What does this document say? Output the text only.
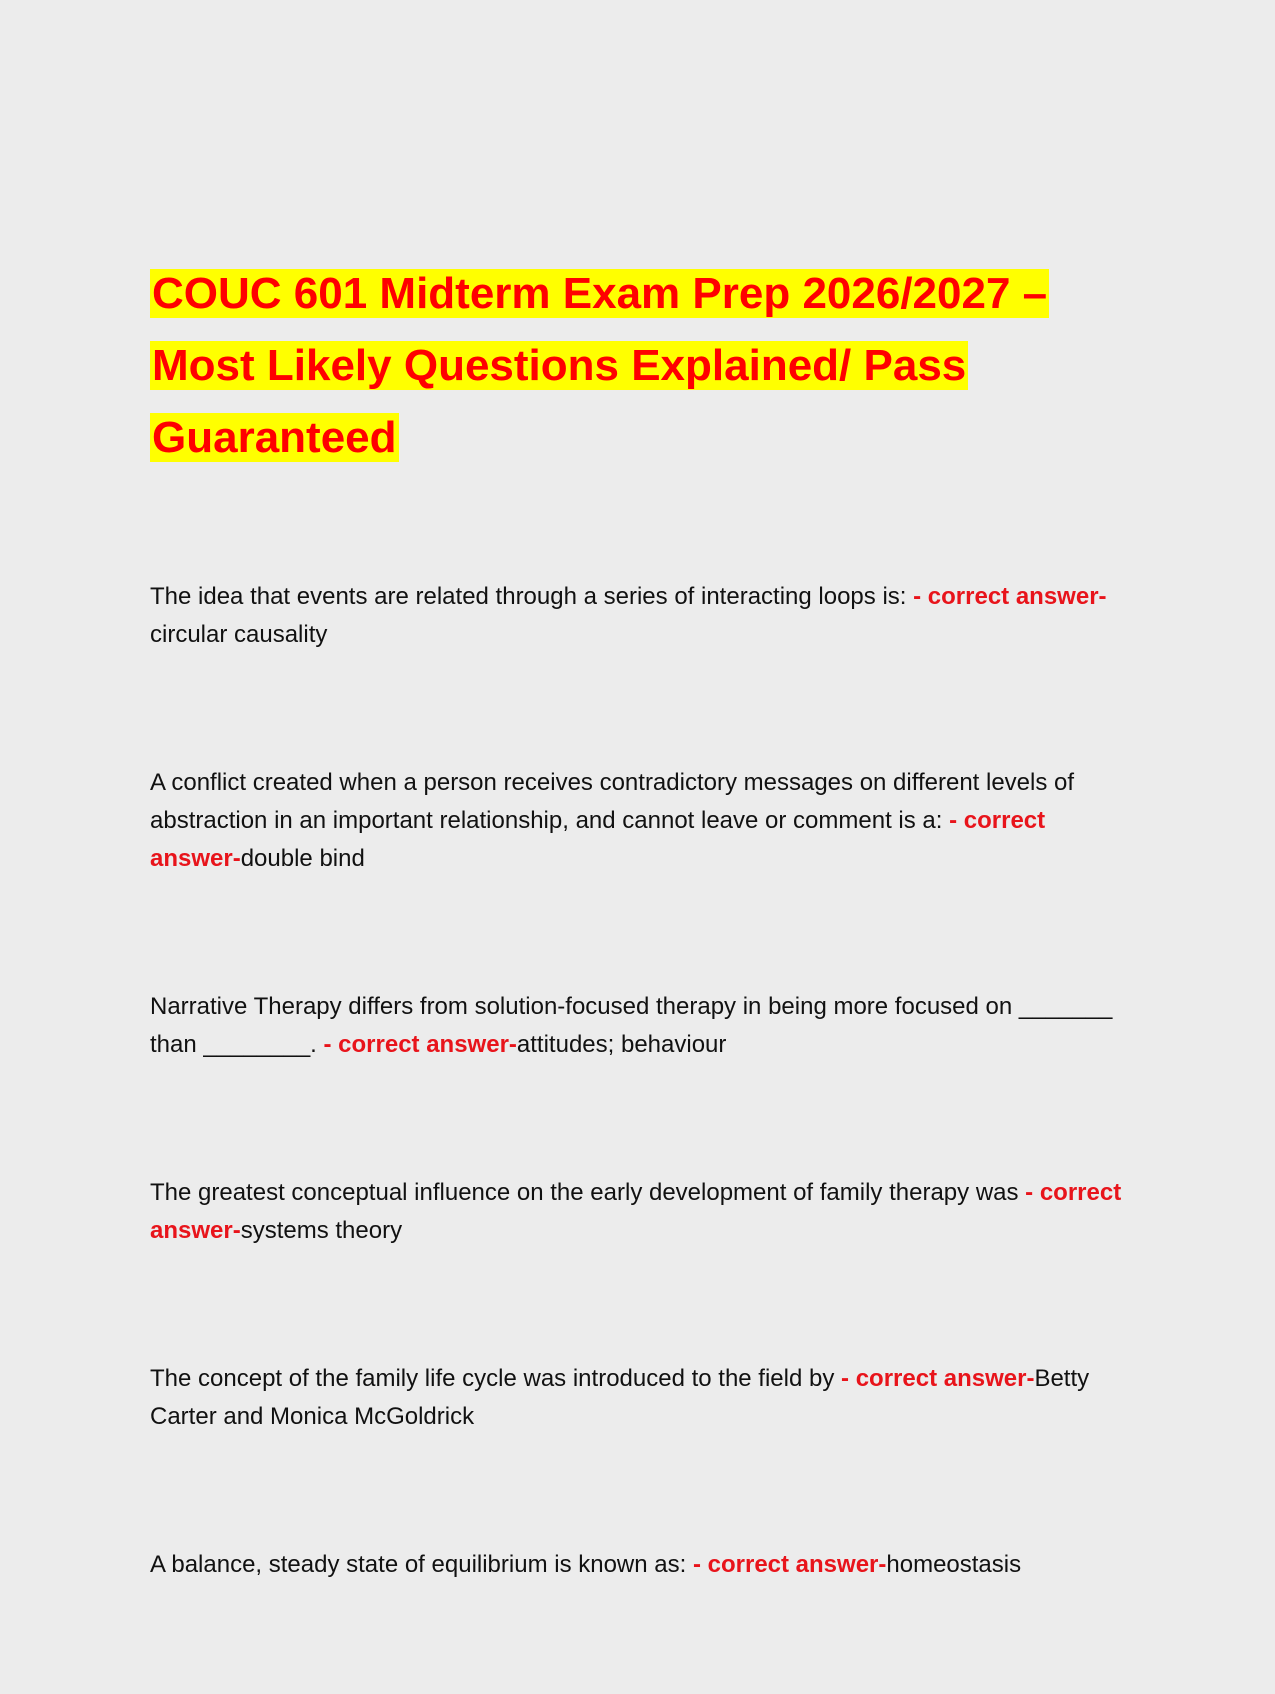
COUC 601 Midterm Exam Prep 2026/2027 – Most Likely Questions Explained/ Pass Guaranteed

The idea that events are related through a series of interacting loops is: - correct answer-circular causality

A conflict created when a person receives contradictory messages on different levels of abstraction in an important relationship, and cannot leave or comment is a: - correct answer-double bind

Narrative Therapy differs from solution-focused therapy in being more focused on _______ than ________. - correct answer-attitudes; behaviour

The greatest conceptual influence on the early development of family therapy was - correct answer-systems theory

The concept of the family life cycle was introduced to the field by - correct answer-Betty Carter and Monica McGoldrick

A balance, steady state of equilibrium is known as: - correct answer-homeostasis
